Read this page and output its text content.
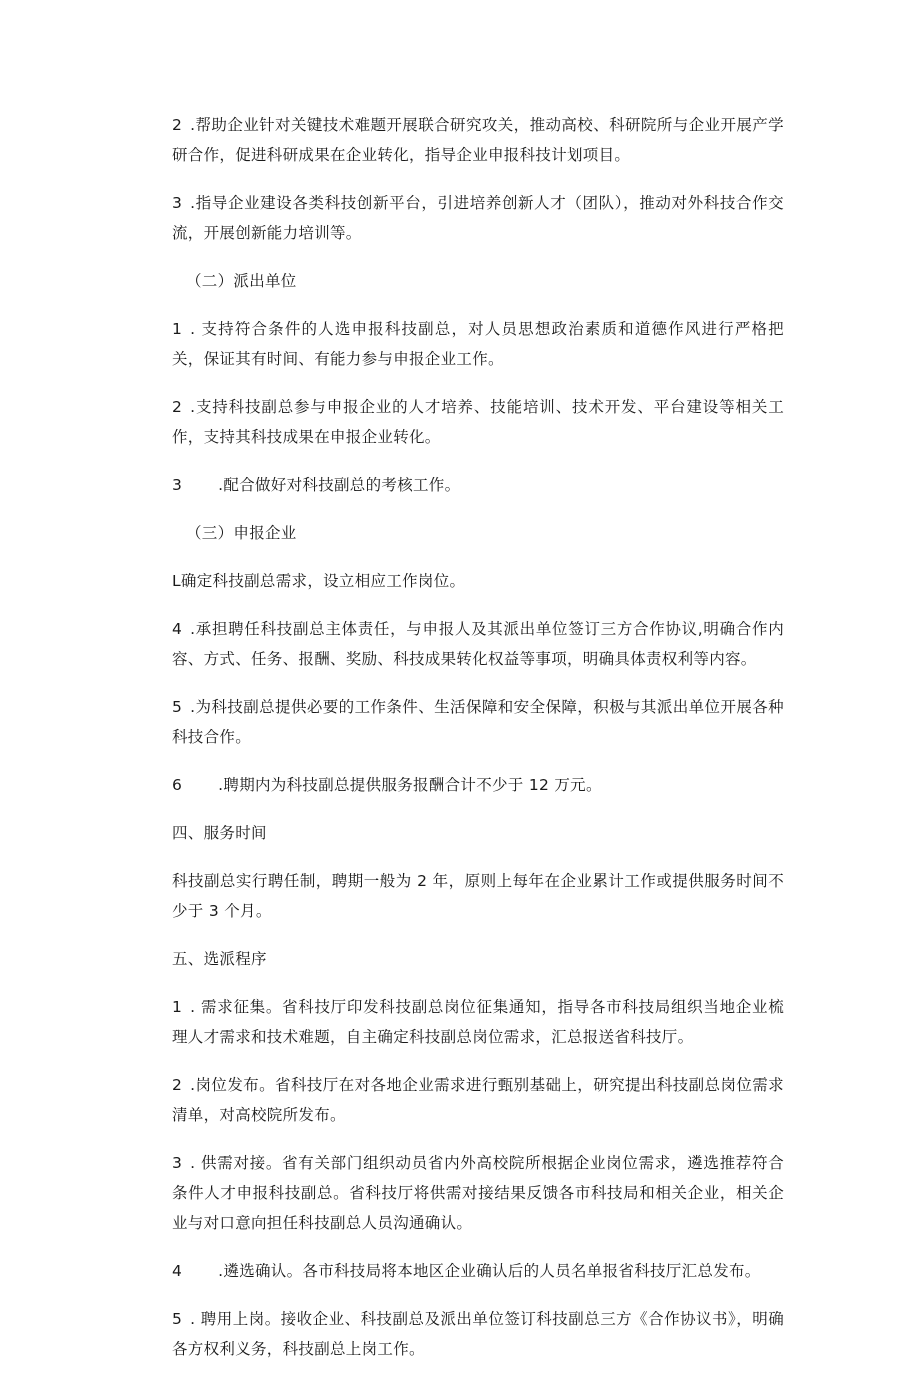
2 .帮助企业针对关键技术难题开展联合研究攻关，推动高校、科研院所与企业开展产学研合作，促进科研成果在企业转化，指导企业申报科技计划项目。

3 .指导企业建设各类科技创新平台，引进培养创新人才（团队），推动对外科技合作交流，开展创新能力培训等。

（二）派出单位

1 . 支持符合条件的人选申报科技副总，对人员思想政治素质和道德作风进行严格把关，保证其有时间、有能力参与申报企业工作。

2 .支持科技副总参与申报企业的人才培养、技能培训、技术开发、平台建设等相关工作，支持其科技成果在申报企业转化。

3 .配合做好对科技副总的考核工作。

（三）申报企业

L确定科技副总需求，设立相应工作岗位。

4 .承担聘任科技副总主体责任，与申报人及其派出单位签订三方合作协议,明确合作内容、方式、任务、报酬、奖励、科技成果转化权益等事项，明确具体责权利等内容。

5 .为科技副总提供必要的工作条件、生活保障和安全保障，积极与其派出单位开展各种科技合作。

6 .聘期内为科技副总提供服务报酬合计不少于 12 万元。

四、服务时间

科技副总实行聘任制，聘期一般为 2 年，原则上每年在企业累计工作或提供服务时间不少于 3 个月。

五、选派程序

1 . 需求征集。省科技厅印发科技副总岗位征集通知，指导各市科技局组织当地企业梳理人才需求和技术难题，自主确定科技副总岗位需求，汇总报送省科技厅。

2 .岗位发布。省科技厅在对各地企业需求进行甄别基础上，研究提出科技副总岗位需求清单，对高校院所发布。

3 . 供需对接。省有关部门组织动员省内外高校院所根据企业岗位需求，遴选推荐符合条件人才申报科技副总。省科技厅将供需对接结果反馈各市科技局和相关企业，相关企业与对口意向担任科技副总人员沟通确认。

4 .遴选确认。各市科技局将本地区企业确认后的人员名单报省科技厅汇总发布。

5 . 聘用上岗。接收企业、科技副总及派出单位签订科技副总三方《合作协议书》，明确各方权利义务，科技副总上岗工作。
